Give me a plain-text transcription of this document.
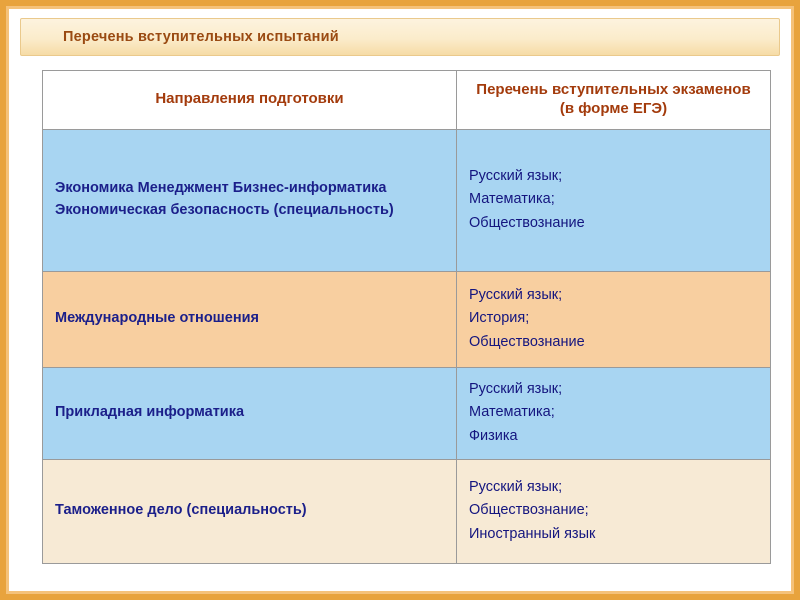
Перечень вступительных испытаний
Направления подготовки	Перечень вступительных экзаменов (в форме ЕГЭ)
Экономика Менеджмент Бизнес-информатика Экономическая безопасность (специальность)	Русский язык;
Математика;
Обществознание

Международные отношения	Русский язык;
История;
Обществознание

Прикладная информатика	Русский язык;
Математика;
Физика

Таможенное дело (специальность)	Русский язык;
Обществознание;
Иностранный язык
